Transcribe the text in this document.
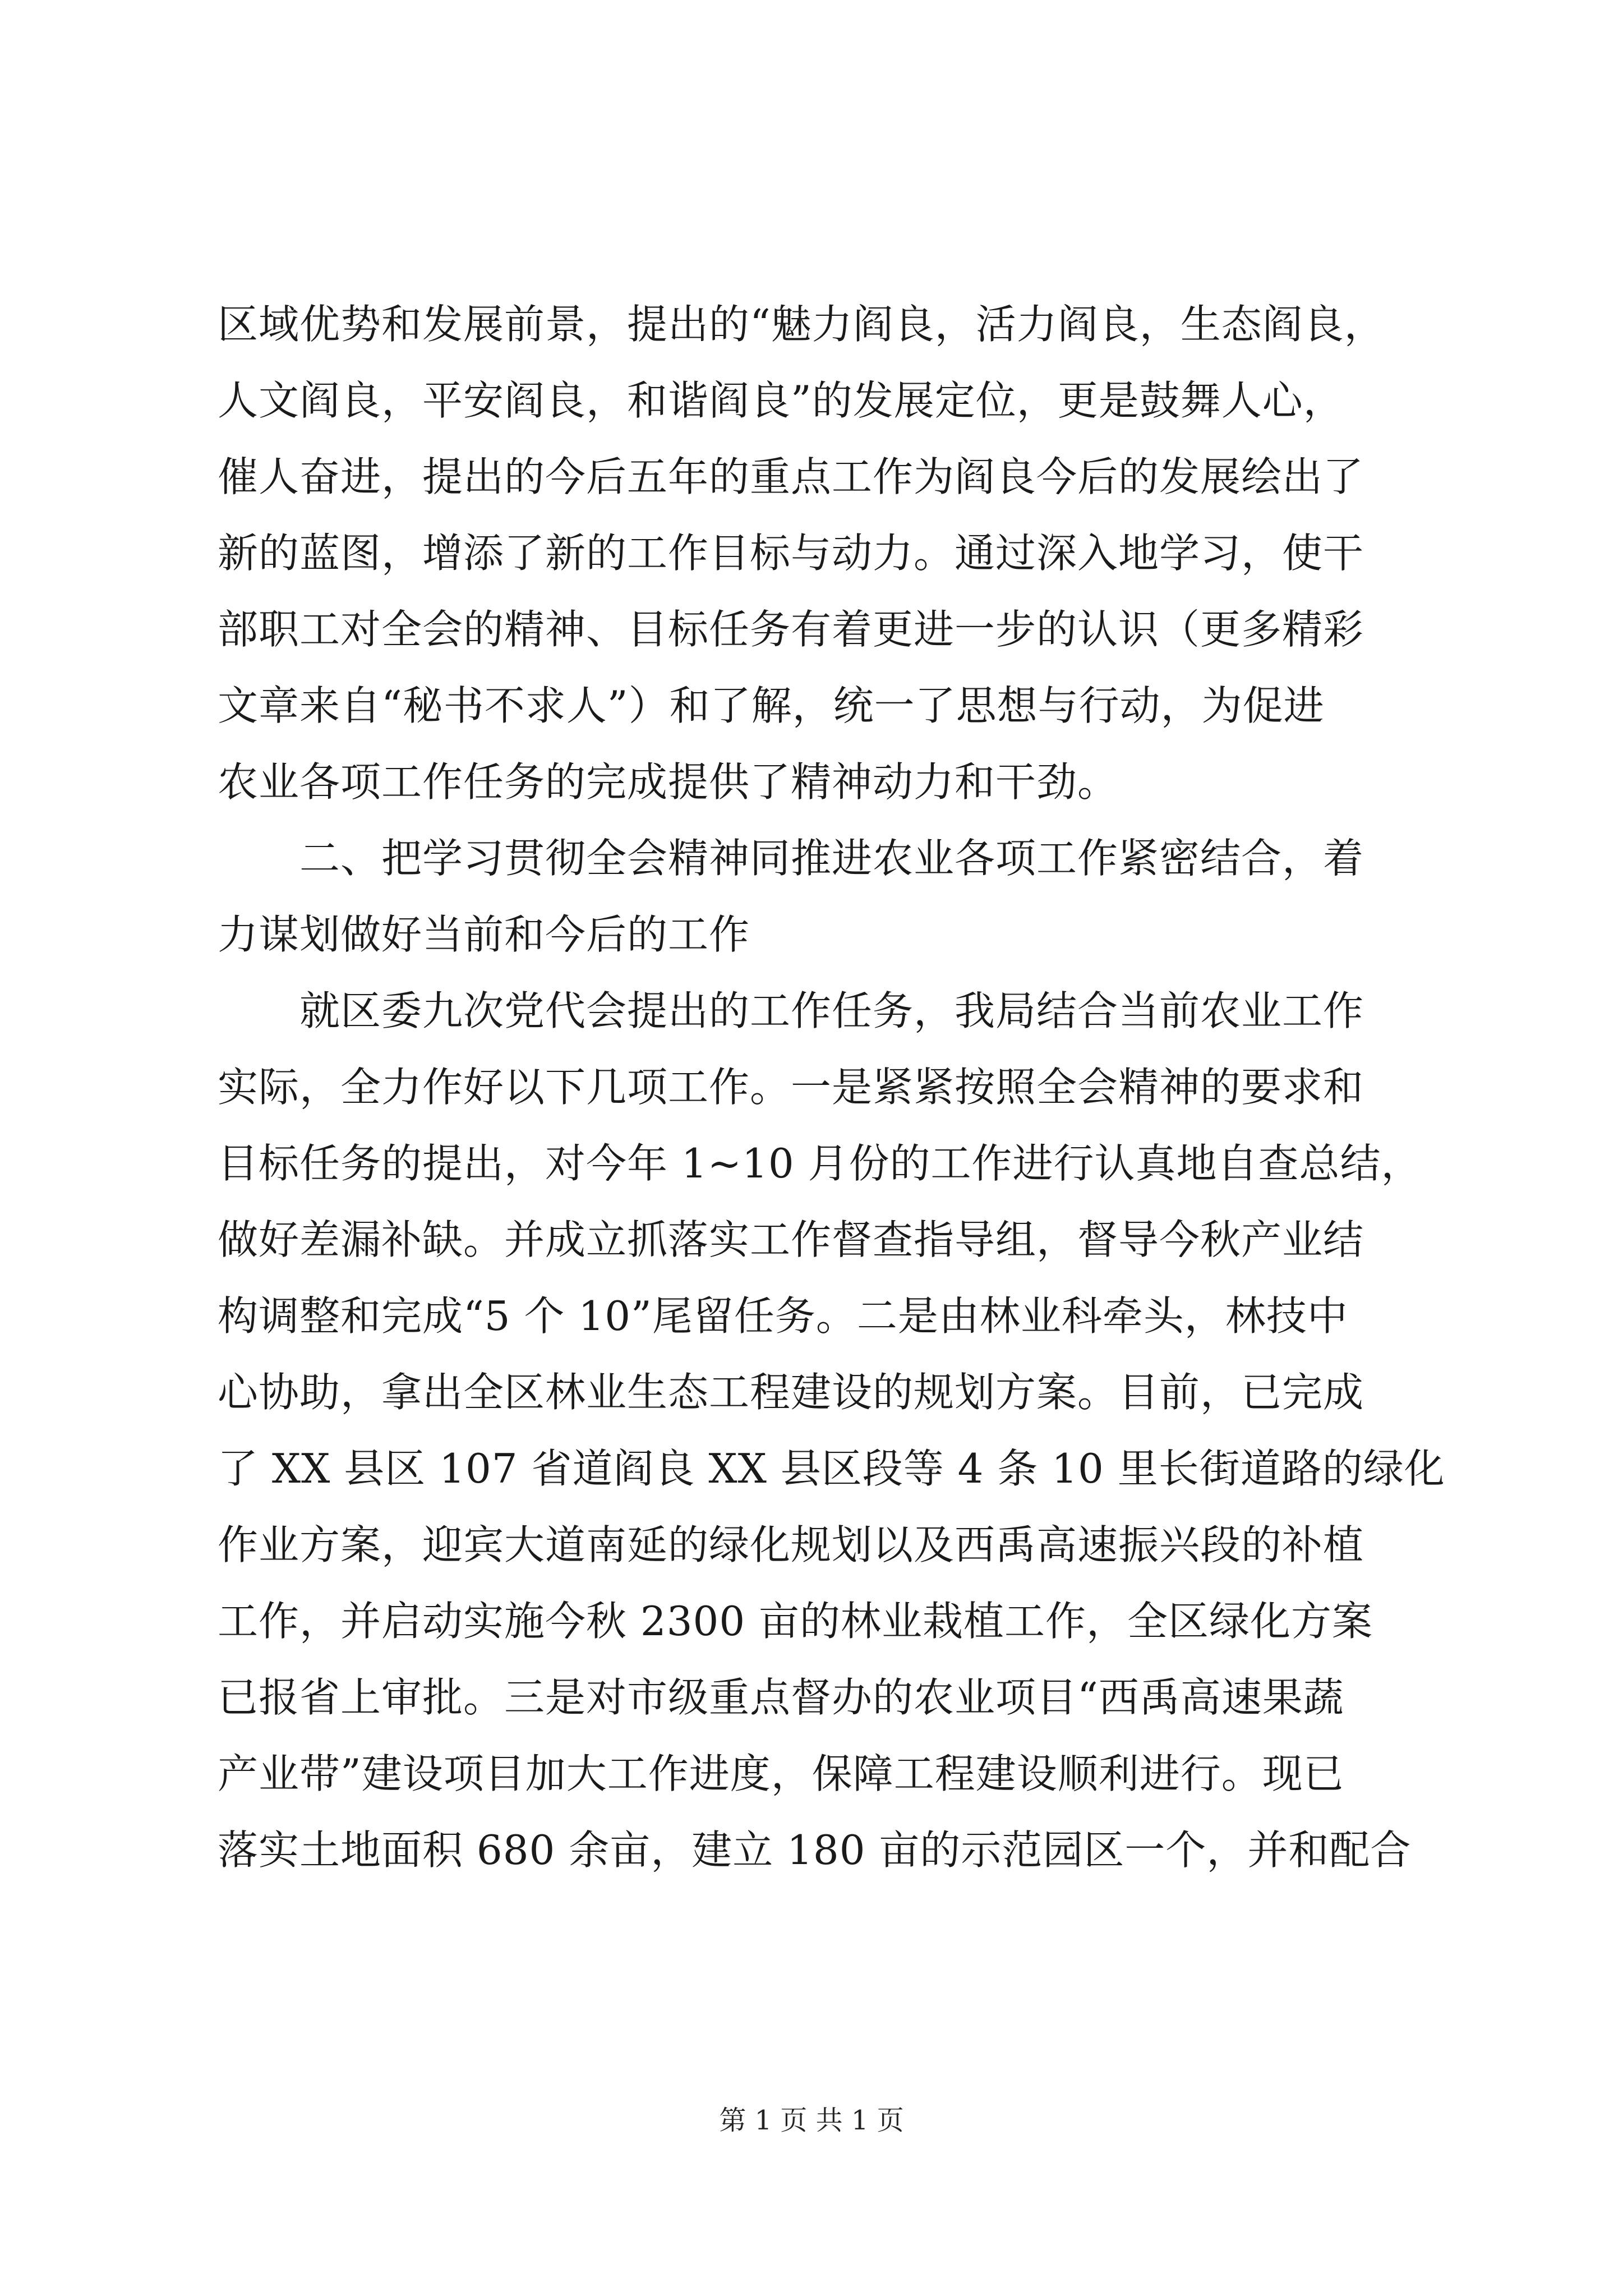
区域优势和发展前景，提出的“魅力阎良，活力阎良，生态阎良，
人文阎良，平安阎良，和谐阎良”的发展定位，更是鼓舞人心，
催人奋进，提出的今后五年的重点工作为阎良今后的发展绘出了
新的蓝图，增添了新的工作目标与动力。通过深入地学习，使干
部职工对全会的精神、目标任务有着更进一步的认识（更多精彩
文章来自“秘书不求人”）和了解，统一了思想与行动，为促进
农业各项工作任务的完成提供了精神动力和干劲。
　　二、把学习贯彻全会精神同推进农业各项工作紧密结合，着
力谋划做好当前和今后的工作
　　就区委九次党代会提出的工作任务，我局结合当前农业工作
实际，全力作好以下几项工作。一是紧紧按照全会精神的要求和
目标任务的提出，对今年 1~10 月份的工作进行认真地自查总结，
做好差漏补缺。并成立抓落实工作督查指导组，督导今秋产业结
构调整和完成“5 个 10”尾留任务。二是由林业科牵头，林技中
心协助，拿出全区林业生态工程建设的规划方案。目前，已完成
了 XX 县区 107 省道阎良 XX 县区段等 4 条 10 里长街道路的绿化
作业方案，迎宾大道南延的绿化规划以及西禹高速振兴段的补植
工作，并启动实施今秋 2300 亩的林业栽植工作，全区绿化方案
已报省上审批。三是对市级重点督办的农业项目“西禹高速果蔬
产业带”建设项目加大工作进度，保障工程建设顺利进行。现已
落实土地面积 680 余亩，建立 180 亩的示范园区一个，并和配合
第 1 页 共 1 页
